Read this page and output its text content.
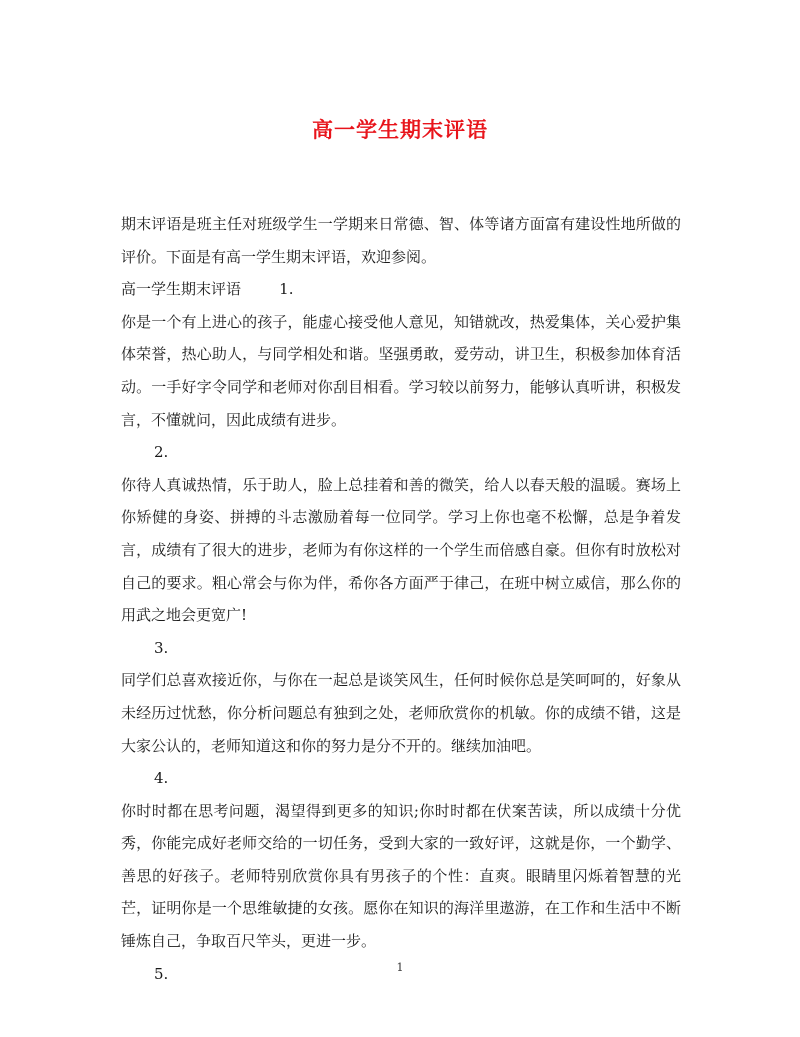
高一学生期末评语

期末评语是班主任对班级学生一学期来日常德、智、体等诸方面富有建设性地所做的评价。下面是有高一学生期末评语，欢迎参阅。

高一学生期末评语	1.

你是一个有上进心的孩子，能虚心接受他人意见，知错就改，热爱集体，关心爱护集体荣誉，热心助人，与同学相处和谐。坚强勇敢，爱劳动，讲卫生，积极参加体育活动。一手好字令同学和老师对你刮目相看。学习较以前努力，能够认真听讲，积极发言，不懂就问，因此成绩有进步。

2.

你待人真诚热情，乐于助人，脸上总挂着和善的微笑，给人以春天般的温暖。赛场上你矫健的身姿、拼搏的斗志激励着每一位同学。学习上你也毫不松懈，总是争着发言，成绩有了很大的进步，老师为有你这样的一个学生而倍感自豪。但你有时放松对自己的要求。粗心常会与你为伴，希你各方面严于律己，在班中树立威信，那么你的用武之地会更宽广!

3.

同学们总喜欢接近你，与你在一起总是谈笑风生，任何时候你总是笑呵呵的，好象从未经历过忧愁，你分析问题总有独到之处，老师欣赏你的机敏。你的成绩不错，这是大家公认的，老师知道这和你的努力是分不开的。继续加油吧。

4.

你时时都在思考问题，渴望得到更多的知识;你时时都在伏案苦读，所以成绩十分优秀，你能完成好老师交给的一切任务，受到大家的一致好评，这就是你，一个勤学、善思的好孩子。老师特别欣赏你具有男孩子的个性：直爽。眼睛里闪烁着智慧的光芒，证明你是一个思维敏捷的女孩。愿你在知识的海洋里遨游，在工作和生活中不断锤炼自己，争取百尺竿头，更进一步。

5.	1
